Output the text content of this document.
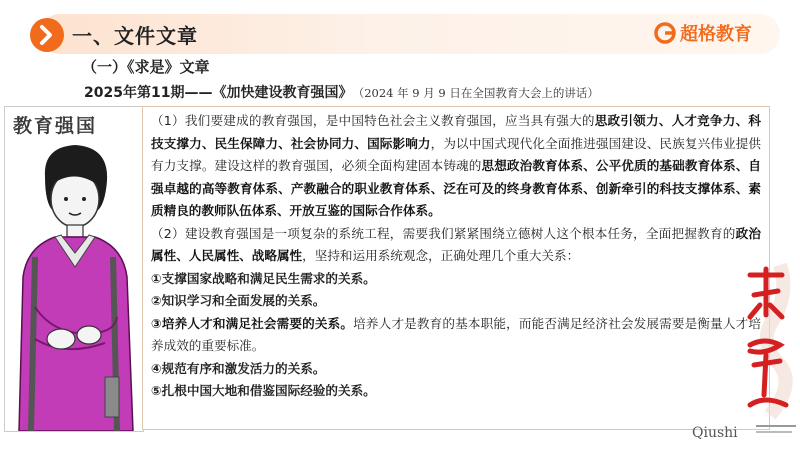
一、文件文章	超格教育
（一）《求是》文章
2025年第11期——《加快建设教育强国》 （2024 年 9 月 9 日在全国教育大会上的讲话）
教育强国	（1）我们要建成的教育强国，是中国特色社会主义教育强国，应当具有强大的思政引领力、人才竞争力、科技支撑力、民生保障力、社会协同力、国际影响力，为以中国式现代化全面推进强国建设、民族复兴伟业提供有力支撑。建设这样的教育强国，必须全面构建固本铸魂的思想政治教育体系、公平优质的基础教育体系、自强卓越的高等教育体系、产教融合的职业教育体系、泛在可及的终身教育体系、创新牵引的科技支撑体系、素质精良的教师队伍体系、开放互鉴的国际合作体系。

（2）建设教育强国是一项复杂的系统工程，需要我们紧紧围绕立德树人这个根本任务，全面把握教育的政治属性、人民属性、战略属性，坚持和运用系统观念，正确处理几个重大关系：

①支撑国家战略和满足民生需求的关系。

②知识学习和全面发展的关系。

③培养人才和满足社会需要的关系。培养人才是教育的基本职能，而能否满足经济社会发展需要是衡量人才培养成效的重要标准。

④规范有序和激发活力的关系。

⑤扎根中国大地和借鉴国际经验的关系。

Qiushi
